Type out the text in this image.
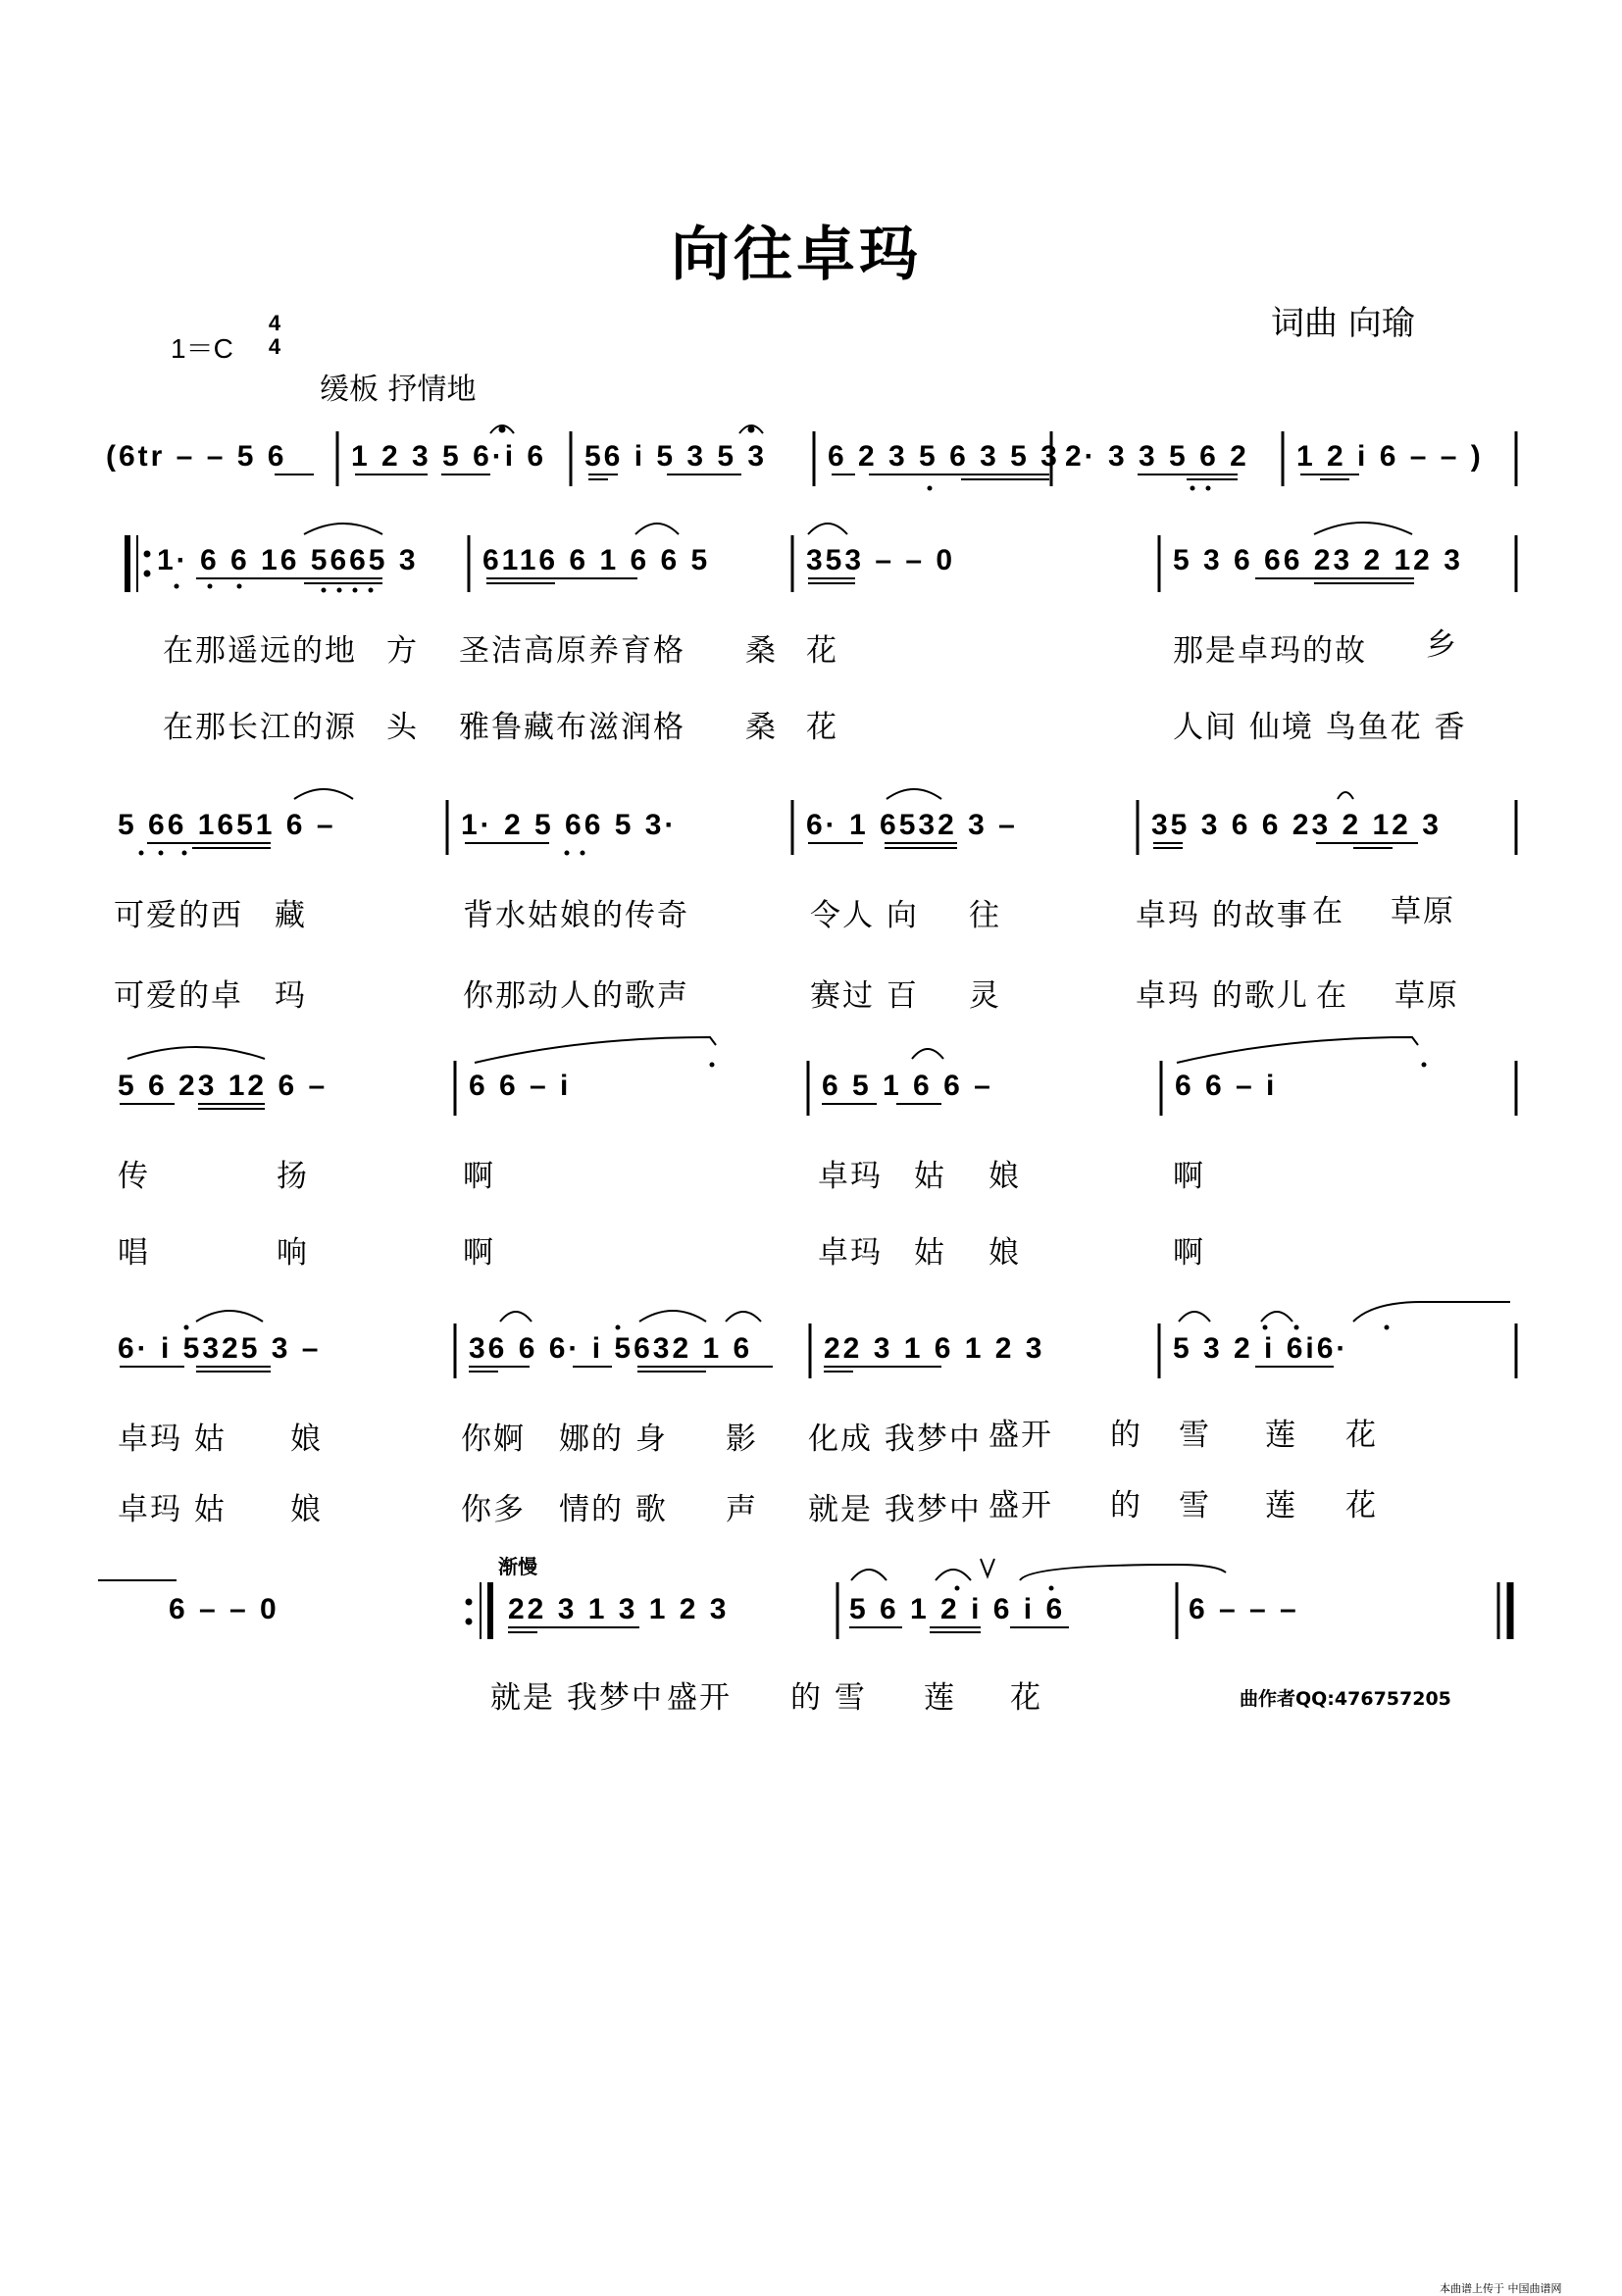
向往卓玛
词曲 向瑜
1＝C
4
4
缓板 抒情地
(6tr – – 5 6 1 2 3 5 6·i 6 56 i 5 3 5 3 6 2 3 5 6 3 5 3 2· 3 3 5 6 2 1 2 i 6 – – )
1· 6 6 16 5665 3 6116 6 1 6 6 5	353 – – 0	5 3 6 66 23 2 12 3
在那遥远的地 方 圣洁高原养育格 桑 花	那是卓玛的故 乡
在那长江的源 头 雅鲁藏布滋润格 桑 花	人间 仙境 鸟鱼花 香
5 66 1651 6 –	1· 2 5 66 5 3·	6· 1 6532 3 –	35 3 6 6 23 2 12 3
可爱的西 藏	背水姑娘的传奇	令人 向 往	卓玛 的故事 在 草原
可爱的卓 玛	你那动人的歌声	赛过 百 灵	卓玛 的歌儿 在 草原
5 6 23 12 6 –	6 6 – i	6 5 1 6 6 –	6 6 – i
传	扬	啊	卓玛 姑 娘	啊
唱	响	啊	卓玛 姑 娘	啊
6· i 5325 3 –	36 6 6· i 5632 1 6 22 3 1 6 1 2 3	5 3 2 i 6i6·
卓玛 姑 娘	你婀 娜的 身 影 化成 我梦中 盛开 的 雪 莲 花
卓玛 姑 娘	你多 情的 歌 声 就是 我梦中 盛开 的 雪 莲 花
渐慢
6 – – 0	22 3 1 3 1 2 3	5 6 1 2 i 6 i 6	6 – – –
就是 我梦中 盛开 的 雪 莲 花	曲作者QQ:476757205
本曲谱上传于 中国曲谱网
